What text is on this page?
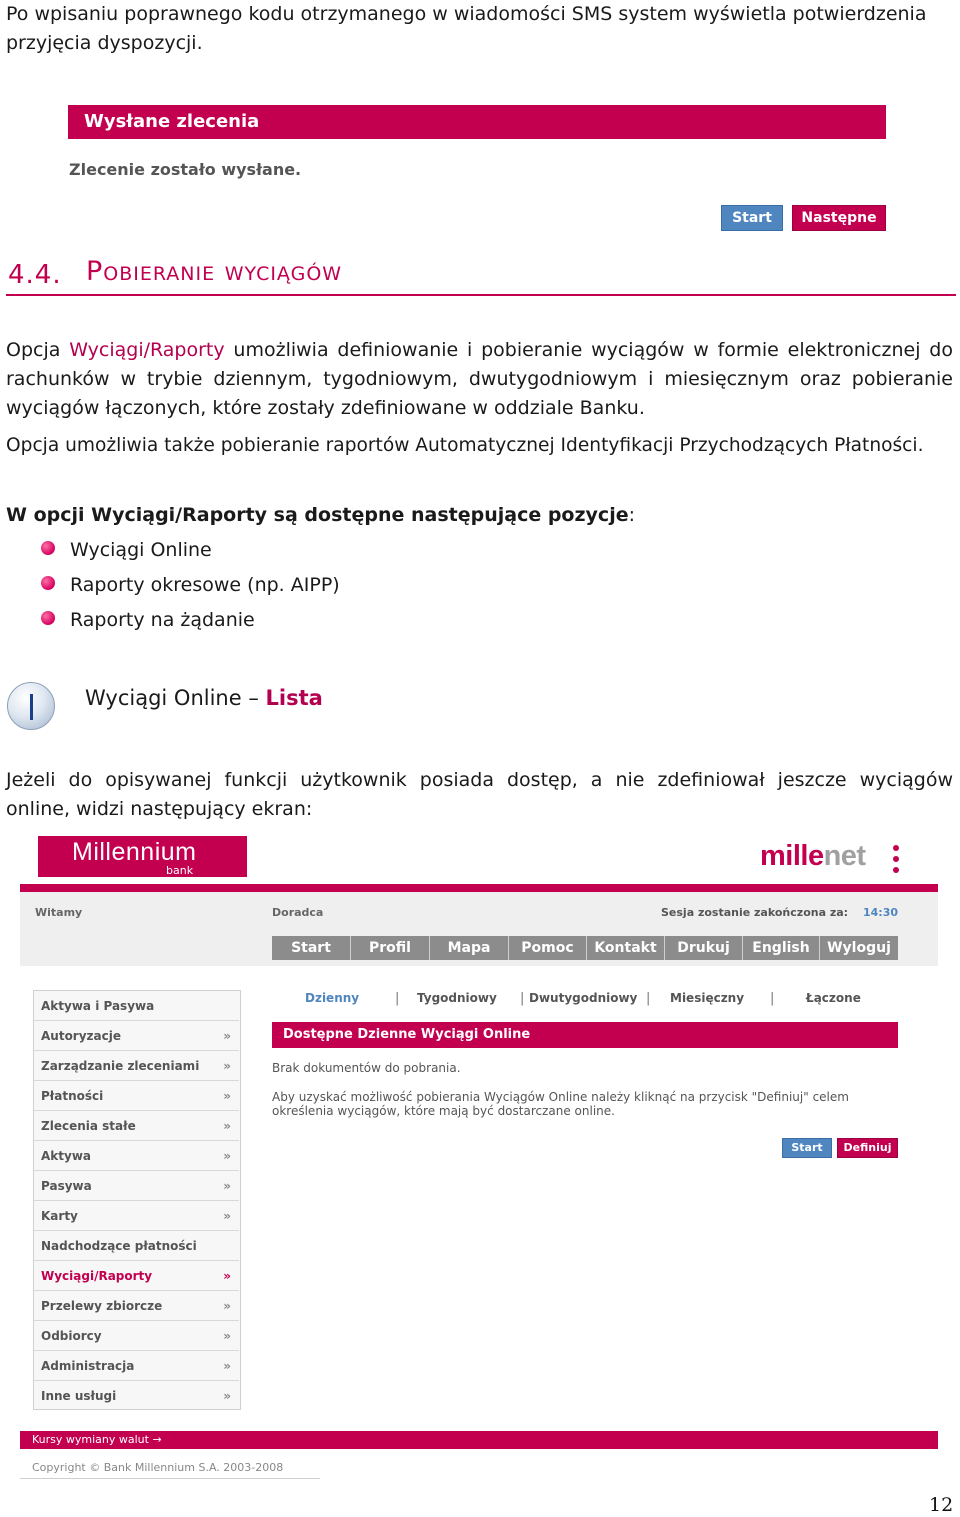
Po wpisaniu poprawnego kodu otrzymanego w wiadomości SMS system wyświetla potwierdzenia
przyjęcia dyspozycji.
Wysłane zlecenia
Zlecenie zostało wysłane.
Start	Następne
4.4. Pobieranie wyciągów
Opcja Wyciągi/Raporty umożliwia definiowanie i pobieranie wyciągów w formie elektronicznej do
rachunków w trybie dziennym, tygodniowym, dwutygodniowym i miesięcznym oraz pobieranie
wyciągów łączonych, które zostały zdefiniowane w oddziale Banku.
Opcja umożliwia także pobieranie raportów Automatycznej Identyfikacji Przychodzących Płatności.
W opcji Wyciągi/Raporty są dostępne następujące pozycje:
Wyciągi Online
Raporty okresowe (np. AIPP)
Raporty na żądanie
Wyciągi Online – Lista
Jeżeli do opisywanej funkcji użytkownik posiada dostęp, a nie zdefiniował jeszcze wyciągów
online, widzi następujący ekran:
Millennium
bank	millenet
Witamy	Doradca	Sesja zostanie zakończona za: 14:30
Start	Profil	Mapa	Pomoc	Kontakt	Drukuj	English	Wyloguj
Aktywa i Pasywa
Autoryzacje	»
Zarządzanie zleceniami »
Płatności	»
Zlecenia stałe	»
Aktywa	»
Pasywa	»
Karty	»
Nadchodzące płatności
Wyciągi/Raporty	»
Przelewy zbiorcze	»
Odbiorcy	»
Administracja	»
Inne usługi	»
Dzienny	| Tygodniowy | Dwutygodniowy | Miesięczny |	Łączone
Dostępne Dzienne Wyciągi Online
Brak dokumentów do pobrania.
Aby uzyskać możliwość pobierania Wyciągów Online należy kliknąć na przycisk "Definiuj" celem
określenia wyciągów, które mają być dostarczane online.
Start	Definiuj
Kursy wymiany walut →
Copyright © Bank Millennium S.A. 2003-2008
12
